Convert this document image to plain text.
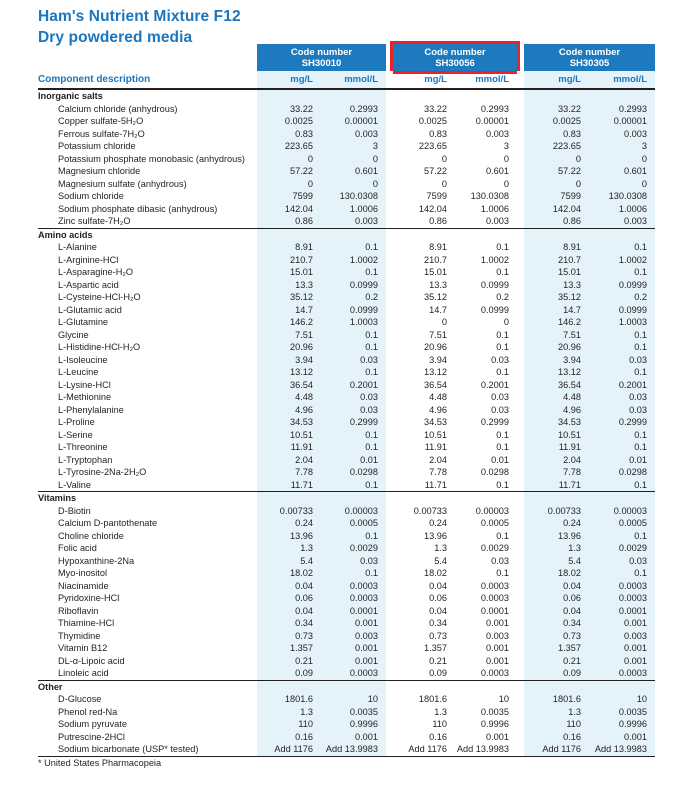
Ham's Nutrient Mixture F12
Dry powdered media
Code number
SH30010
Code number
SH30056
Code number
SH30305
Component description	mg/L	mmol/L	mg/L	mmol/L	mg/L	mmol/L
Inorganic salts
Calcium chloride (anhydrous)	33.22	0.2993	33.22	0.2993	33.22	0.2993
Copper sulfate-5H₂O	0.0025	0.00001	0.0025	0.00001	0.0025	0.00001
Ferrous sulfate-7H₂O	0.83	0.003	0.83	0.003	0.83	0.003
Potassium chloride	223.65	3	223.65	3	223.65	3
Potassium phosphate monobasic (anhydrous)	0	0	0	0	0	0
Magnesium chloride	57.22	0.601	57.22	0.601	57.22	0.601
Magnesium sulfate (anhydrous)	0	0	0	0	0	0
Sodium chloride	7599	130.0308	7599	130.0308	7599	130.0308
Sodium phosphate dibasic (anhydrous)	142.04	1.0006	142.04	1.0006	142.04	1.0006
Zinc sulfate-7H₂O	0.86	0.003	0.86	0.003	0.86	0.003
Amino acids
L-Alanine	8.91	0.1	8.91	0.1	8.91	0.1
L-Arginine-HCl	210.7	1.0002	210.7	1.0002	210.7	1.0002
L-Asparagine-H₂O	15.01	0.1	15.01	0.1	15.01	0.1
L-Aspartic acid	13.3	0.0999	13.3	0.0999	13.3	0.0999
L-Cysteine-HCl-H₂O	35.12	0.2	35.12	0.2	35.12	0.2
L-Glutamic acid	14.7	0.0999	14.7	0.0999	14.7	0.0999
L-Glutamine	146.2	1.0003	0	0	146.2	1.0003
Glycine	7.51	0.1	7.51	0.1	7.51	0.1
L-Histidine-HCl-H₂O	20.96	0.1	20.96	0.1	20.96	0.1
L-Isoleucine	3.94	0.03	3.94	0.03	3.94	0.03
L-Leucine	13.12	0.1	13.12	0.1	13.12	0.1
L-Lysine-HCl	36.54	0.2001	36.54	0.2001	36.54	0.2001
L-Methionine	4.48	0.03	4.48	0.03	4.48	0.03
L-Phenylalanine	4.96	0.03	4.96	0.03	4.96	0.03
L-Proline	34.53	0.2999	34.53	0.2999	34.53	0.2999
L-Serine	10.51	0.1	10.51	0.1	10.51	0.1
L-Threonine	11.91	0.1	11.91	0.1	11.91	0.1
L-Tryptophan	2.04	0.01	2.04	0.01	2.04	0.01
L-Tyrosine-2Na-2H₂O	7.78	0.0298	7.78	0.0298	7.78	0.0298
L-Valine	11.71	0.1	11.71	0.1	11.71	0.1
Vitamins
D-Biotin	0.00733	0.00003	0.00733	0.00003	0.00733	0.00003
Calcium D-pantothenate	0.24	0.0005	0.24	0.0005	0.24	0.0005
Choline chloride	13.96	0.1	13.96	0.1	13.96	0.1
Folic acid	1.3	0.0029	1.3	0.0029	1.3	0.0029
Hypoxanthine-2Na	5.4	0.03	5.4	0.03	5.4	0.03
Myo-inositol	18.02	0.1	18.02	0.1	18.02	0.1
Niacinamide	0.04	0.0003	0.04	0.0003	0.04	0.0003
Pyridoxine-HCl	0.06	0.0003	0.06	0.0003	0.06	0.0003
Riboflavin	0.04	0.0001	0.04	0.0001	0.04	0.0001
Thiamine-HCl	0.34	0.001	0.34	0.001	0.34	0.001
Thymidine	0.73	0.003	0.73	0.003	0.73	0.003
Vitamin B12	1.357	0.001	1.357	0.001	1.357	0.001
DL-α-Lipoic acid	0.21	0.001	0.21	0.001	0.21	0.001
Linoleic acid	0.09	0.0003	0.09	0.0003	0.09	0.0003
Other
D-Glucose	1801.6	10	1801.6	10	1801.6	10
Phenol red-Na	1.3	0.0035	1.3	0.0035	1.3	0.0035
Sodium pyruvate	110	0.9996	110	0.9996	110	0.9996
Putrescine-2HCl	0.16	0.001	0.16	0.001	0.16	0.001
Sodium bicarbonate (USP* tested)	Add 1176	Add 13.9983	Add 1176	Add 13.9983	Add 1176	Add 13.9983
* United States Pharmacopeia
